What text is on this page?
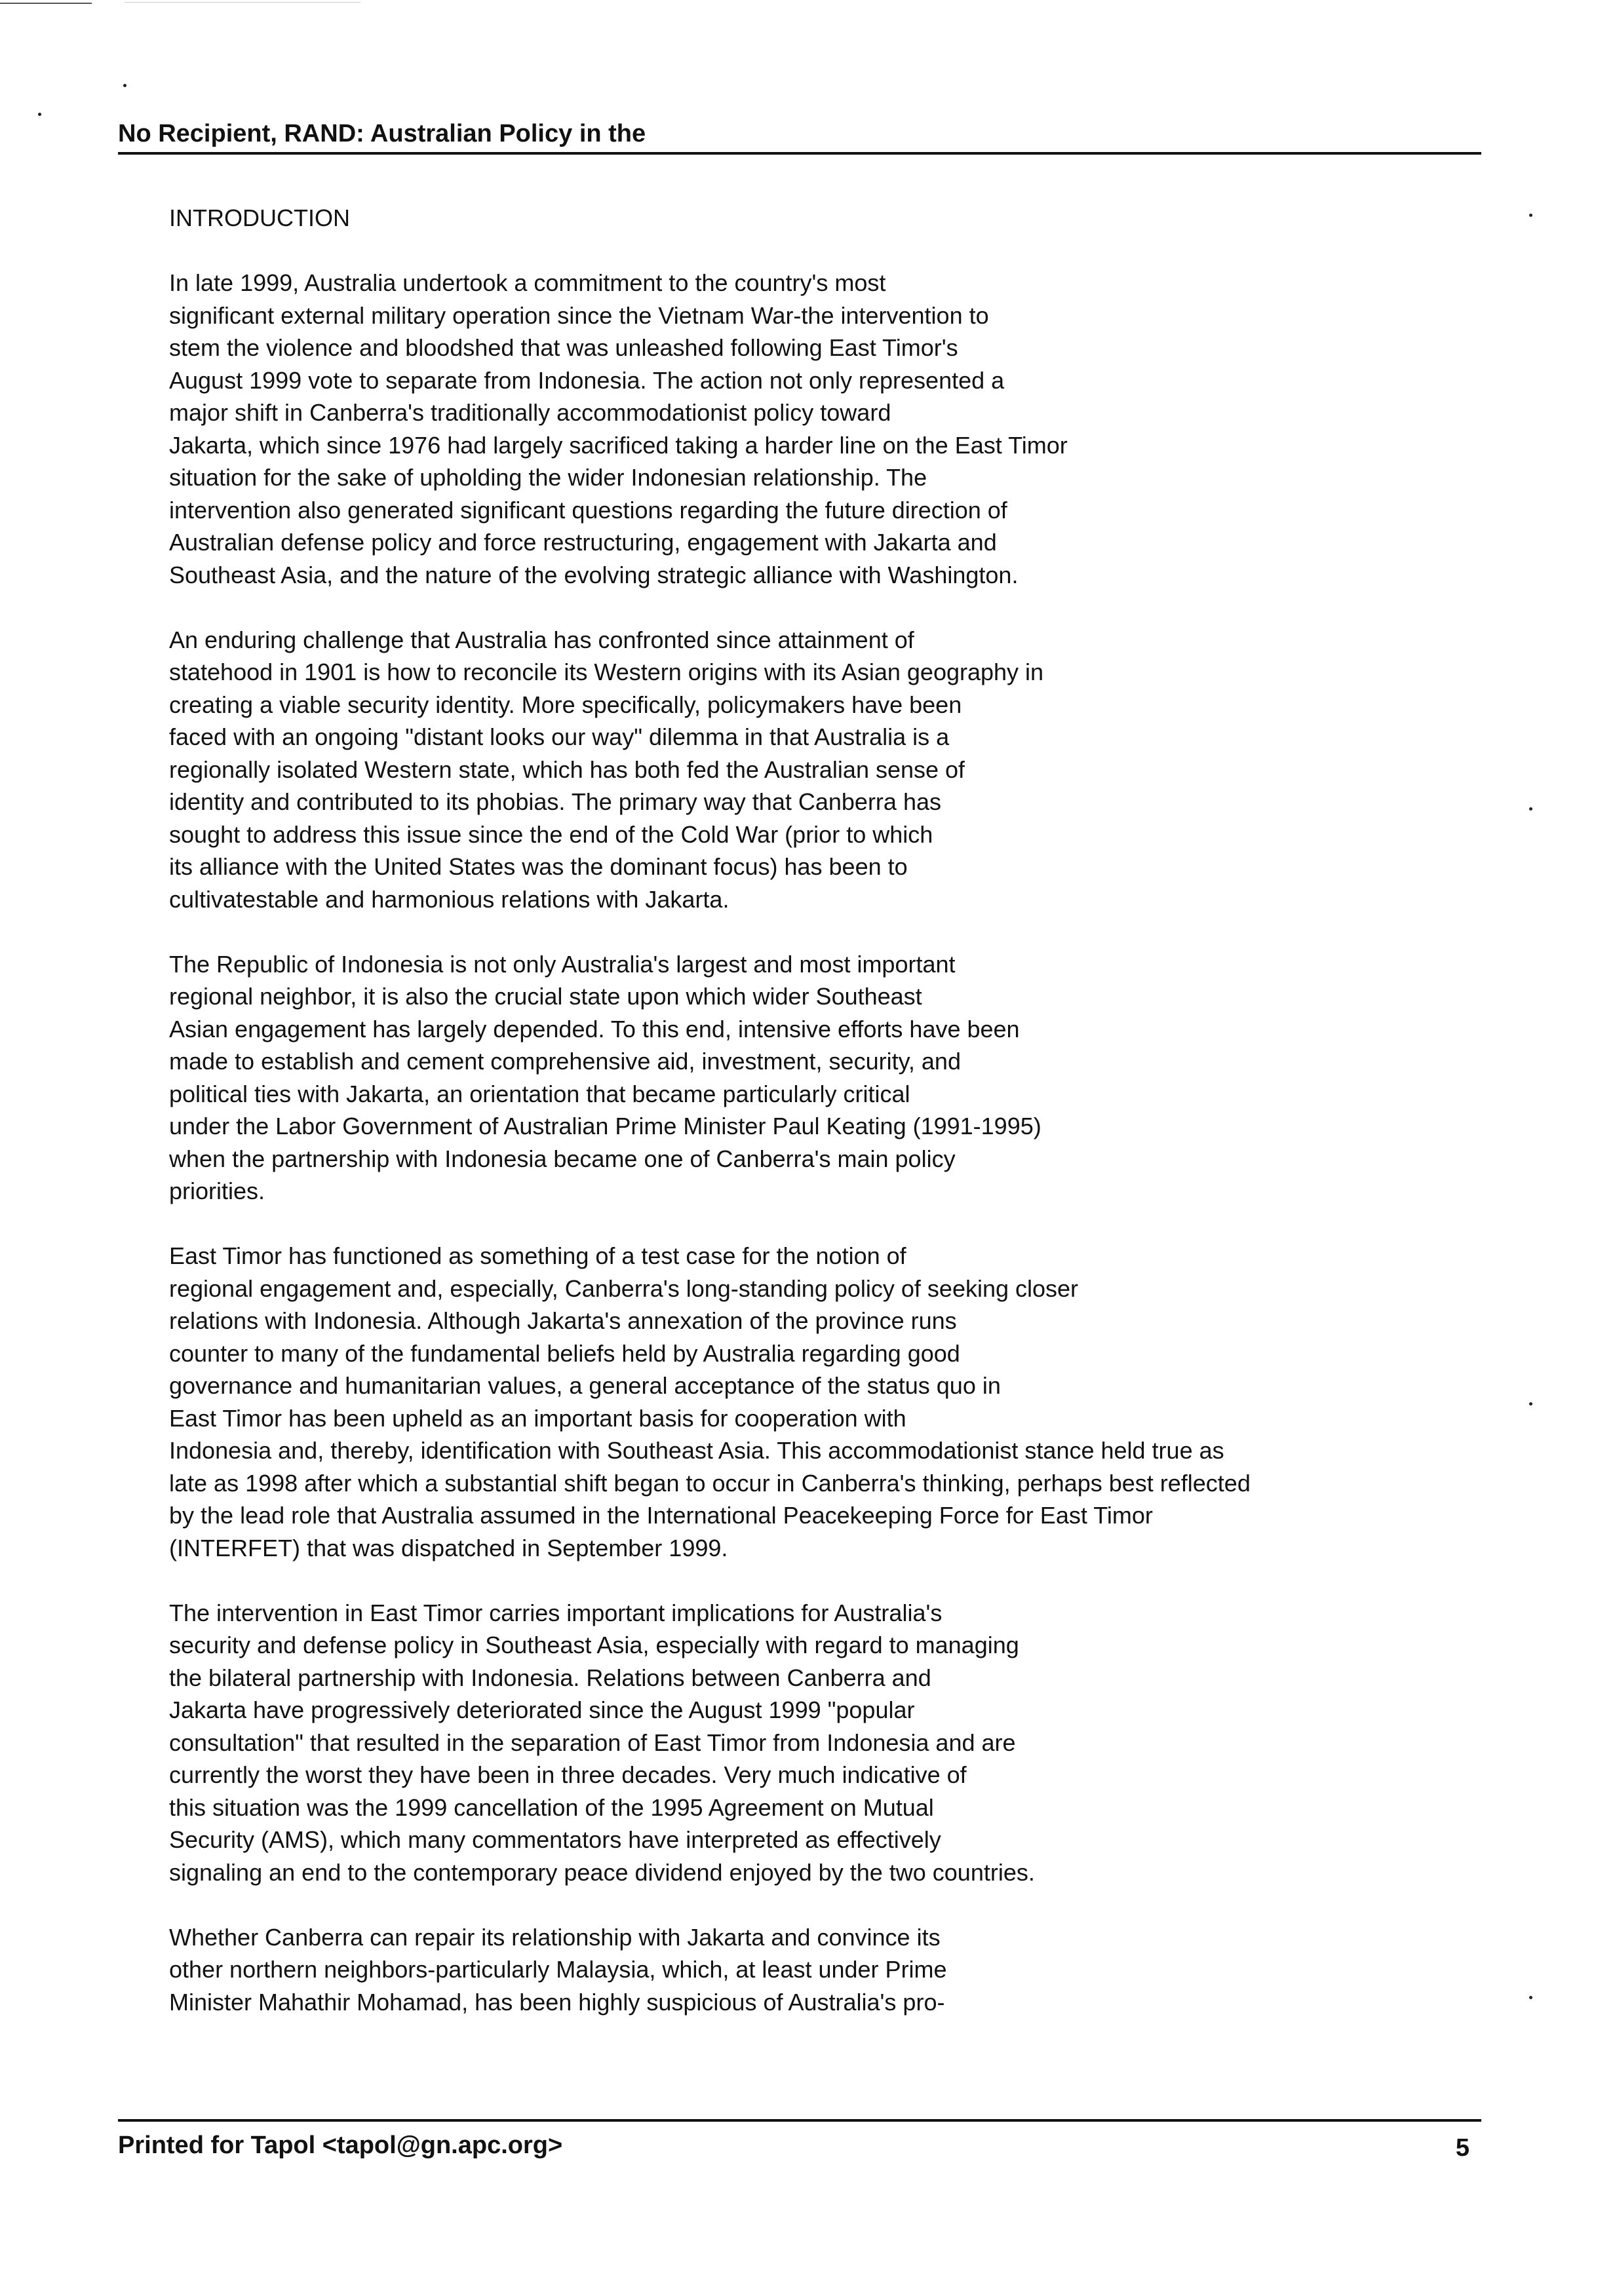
No Recipient, RAND: Australian Policy in the
INTRODUCTION
In late 1999, Australia undertook a commitment to the country's most
significant external military operation since the Vietnam War-the intervention to
stem the violence and bloodshed that was unleashed following East Timor's
August 1999 vote to separate from Indonesia. The action not only represented a
major shift in Canberra's traditionally accommodationist policy toward
Jakarta, which since 1976 had largely sacrificed taking a harder line on the East Timor
situation for the sake of upholding the wider Indonesian relationship. The
intervention also generated significant questions regarding the future direction of
Australian defense policy and force restructuring, engagement with Jakarta and
Southeast Asia, and the nature of the evolving strategic alliance with Washington.
An enduring challenge that Australia has confronted since attainment of
statehood in 1901 is how to reconcile its Western origins with its Asian geography in
creating a viable security identity. More specifically, policymakers have been
faced with an ongoing "distant looks our way" dilemma in that Australia is a
regionally isolated Western state, which has both fed the Australian sense of
identity and contributed to its phobias. The primary way that Canberra has
sought to address this issue since the end of the Cold War (prior to which
its alliance with the United States was the dominant focus) has been to
cultivatestable and harmonious relations with Jakarta.
The Republic of Indonesia is not only Australia's largest and most important
regional neighbor, it is also the crucial state upon which wider Southeast
Asian engagement has largely depended. To this end, intensive efforts have been
made to establish and cement comprehensive aid, investment, security, and
political ties with Jakarta, an orientation that became particularly critical
under the Labor Government of Australian Prime Minister Paul Keating (1991-1995)
when the partnership with Indonesia became one of Canberra's main policy
priorities.
East Timor has functioned as something of a test case for the notion of
regional engagement and, especially, Canberra's long-standing policy of seeking closer
relations with Indonesia. Although Jakarta's annexation of the province runs
counter to many of the fundamental beliefs held by Australia regarding good
governance and humanitarian values, a general acceptance of the status quo in
East Timor has been upheld as an important basis for cooperation with
Indonesia and, thereby, identification with Southeast Asia. This accommodationist stance held true as
late as 1998 after which a substantial shift began to occur in Canberra's thinking, perhaps best reflected
by the lead role that Australia assumed in the International Peacekeeping Force for East Timor
(INTERFET) that was dispatched in September 1999.
The intervention in East Timor carries important implications for Australia's
security and defense policy in Southeast Asia, especially with regard to managing
the bilateral partnership with Indonesia. Relations between Canberra and
Jakarta have progressively deteriorated since the August 1999 "popular
consultation" that resulted in the separation of East Timor from Indonesia and are
currently the worst they have been in three decades. Very much indicative of
this situation was the 1999 cancellation of the 1995 Agreement on Mutual
Security (AMS), which many commentators have interpreted as effectively
signaling an end to the contemporary peace dividend enjoyed by the two countries.
Whether Canberra can repair its relationship with Jakarta and convince its
other northern neighbors-particularly Malaysia, which, at least under Prime
Minister Mahathir Mohamad, has been highly suspicious of Australia's pro-
Printed for Tapol <tapol@gn.apc.org>	5
